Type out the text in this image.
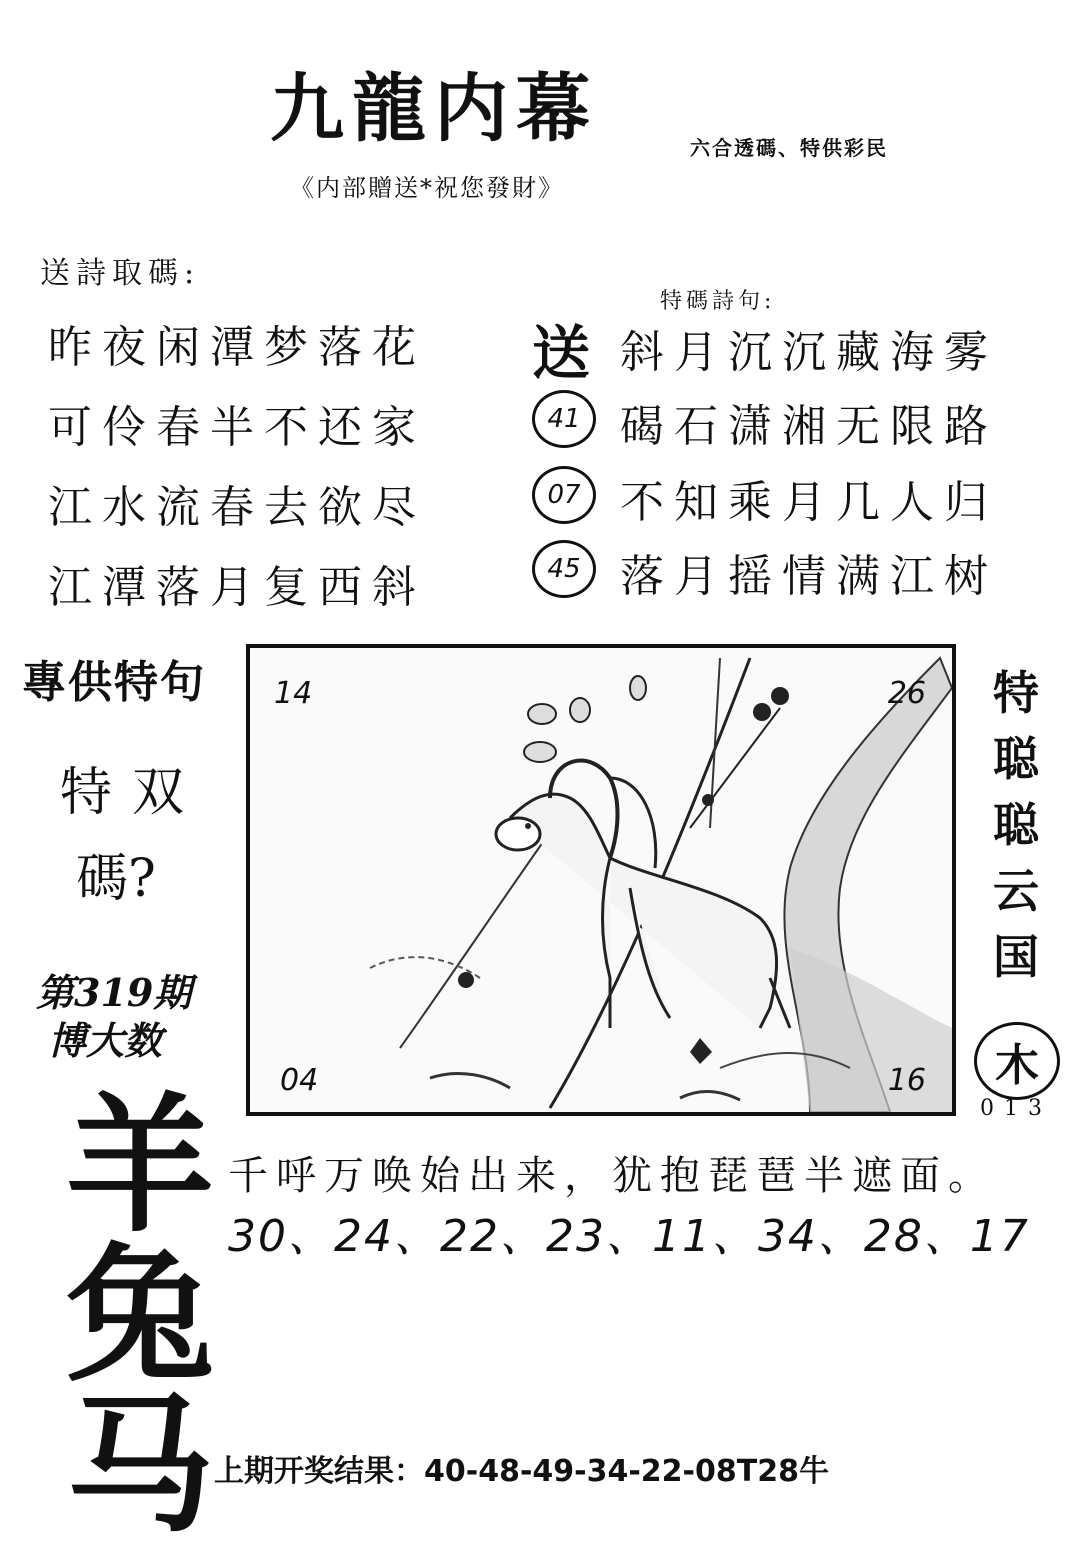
九龍内幕	六合透碼、特供彩民
《内部贈送*祝您發財》
送詩取碼:
昨夜闲潭梦落花
可伶春半不还家
江水流春去欲尽
江潭落月复西斜
特碼詩句:
送 斜月沉沉藏海雾
41 碣石潇湘无限路
07 不知乘月几人归
45 落月摇情满江树
專供特句
特双
碼?
第319期
博大数
羊
兔
马
14	26
04	16
特
聪
聪
云
国
木
013
千呼万唤始出来，犹抱琵琶半遮面。
30、24、22、23、11、34、28、17
上期开奖结果：40-48-49-34-22-08T28牛
